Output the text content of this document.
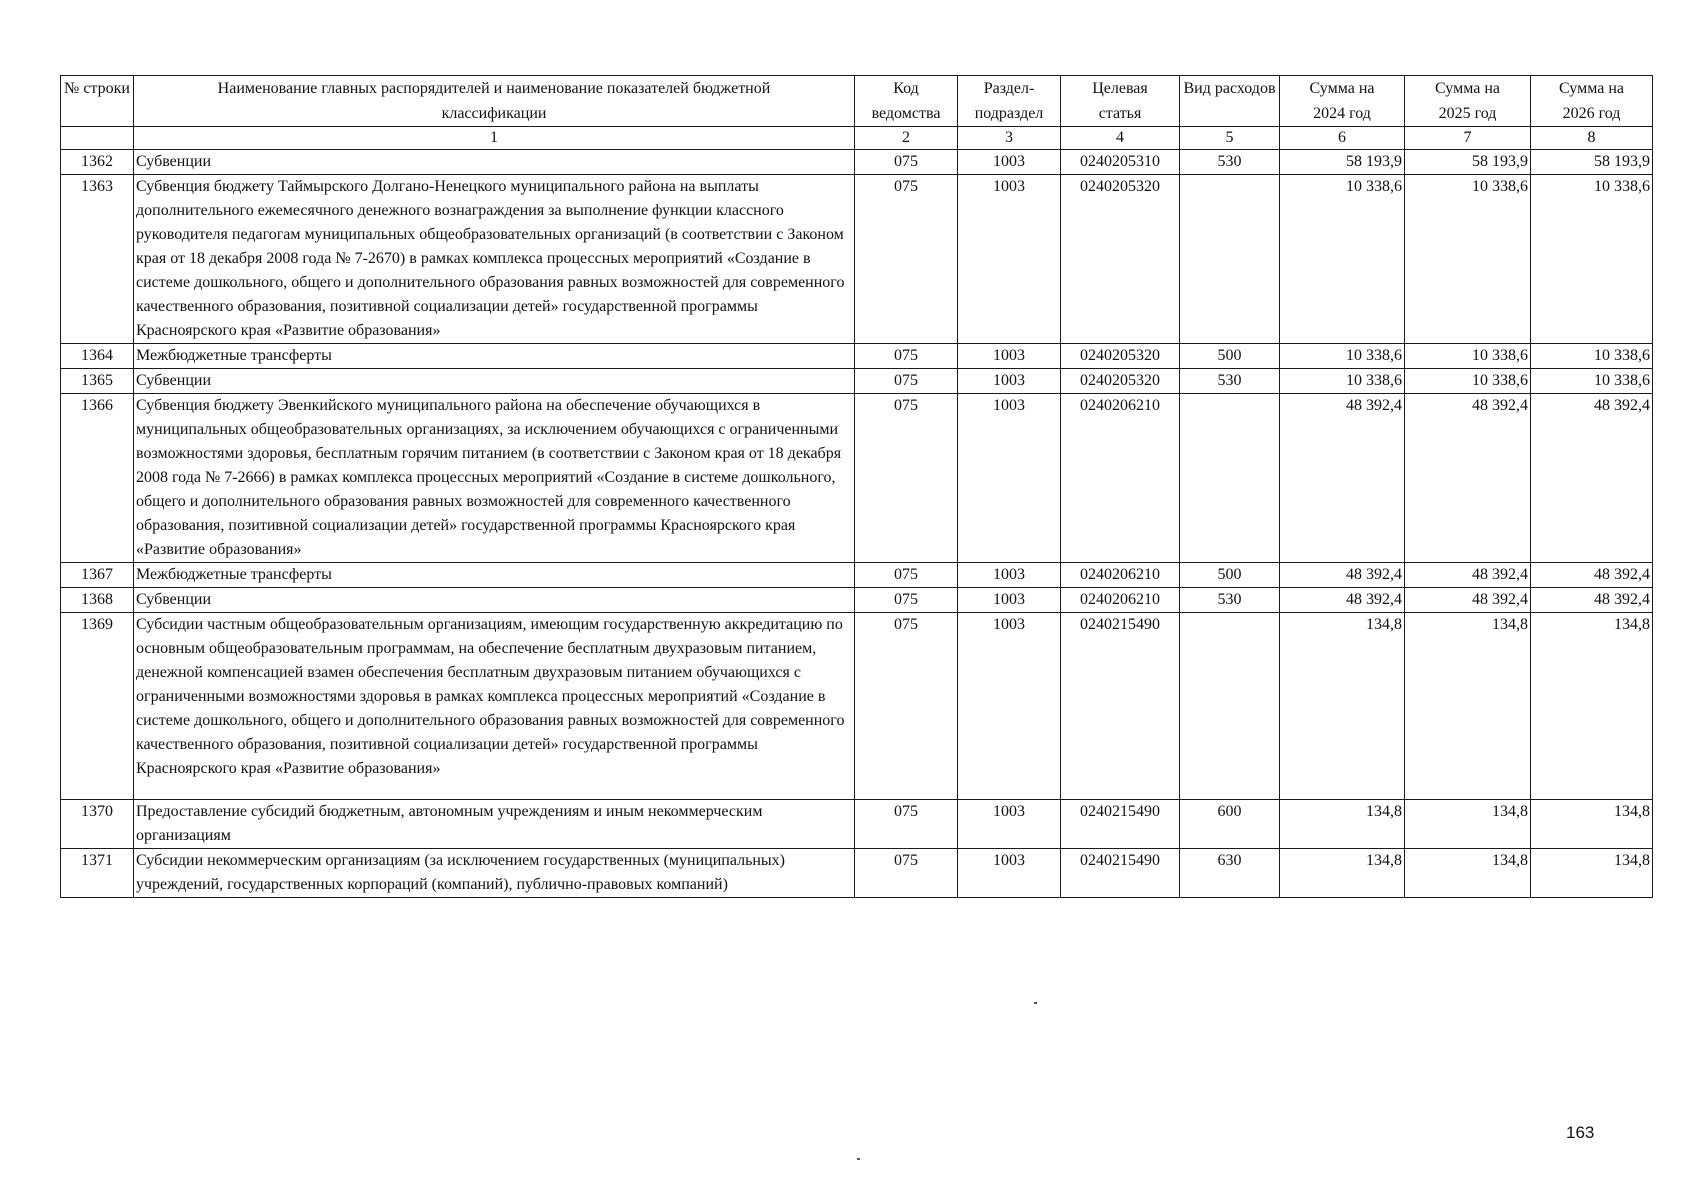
№ строки	Наименование главных распорядителей и наименование показателей бюджетной классификации	Код ведомства	Раздел-подраздел	Целевая статья	Вид расходов	Сумма на 2024 год	Сумма на 2025 год	Сумма на 2026 год
	1	2	3	4	5	6	7	8
1362	Субвенции	075	1003	0240205310	530	58 193,9	58 193,9	58 193,9
1363	Субвенция бюджету Таймырского Долгано-Ненецкого муниципального района на выплаты дополнительного ежемесячного денежного вознаграждения за выполнение функции классного руководителя педагогам муниципальных общеобразовательных организаций (в соответствии с Законом края от 18 декабря 2008 года № 7-2670) в рамках комплекса процессных мероприятий «Создание в системе дошкольного, общего и дополнительного образования равных возможностей для современного качественного образования, позитивной социализации детей» государственной программы Красноярского края «Развитие образования»	075	1003	0240205320		10 338,6	10 338,6	10 338,6
1364	Межбюджетные трансферты	075	1003	0240205320	500	10 338,6	10 338,6	10 338,6
1365	Субвенции	075	1003	0240205320	530	10 338,6	10 338,6	10 338,6
1366	Субвенция бюджету Эвенкийского муниципального района на обеспечение обучающихся в муниципальных общеобразовательных организациях, за исключением обучающихся с ограниченными возможностями здоровья, бесплатным горячим питанием (в соответствии с Законом края от 18 декабря 2008 года № 7-2666) в рамках комплекса процессных мероприятий «Создание в системе дошкольного, общего и дополнительного образования равных возможностей для современного качественного образования, позитивной социализации детей» государственной программы Красноярского края «Развитие образования»	075	1003	0240206210		48 392,4	48 392,4	48 392,4
1367	Межбюджетные трансферты	075	1003	0240206210	500	48 392,4	48 392,4	48 392,4
1368	Субвенции	075	1003	0240206210	530	48 392,4	48 392,4	48 392,4
1369	Субсидии частным общеобразовательным организациям, имеющим государственную аккредитацию по основным общеобразовательным программам, на обеспечение бесплатным двухразовым питанием, денежной компенсацией взамен обеспечения бесплатным двухразовым питанием обучающихся с ограниченными возможностями здоровья в рамках комплекса процессных мероприятий «Создание в системе дошкольного, общего и дополнительного образования равных возможностей для современного качественного образования, позитивной социализации детей» государственной программы Красноярского края «Развитие образования»	075	1003	0240215490		134,8	134,8	134,8
1370	Предоставление субсидий бюджетным, автономным учреждениям и иным некоммерческим организациям	075	1003	0240215490	600	134,8	134,8	134,8
1371	Субсидии некоммерческим организациям (за исключением государственных (муниципальных) учреждений, государственных корпораций (компаний), публично-правовых компаний)	075	1003	0240215490	630	134,8	134,8	134,8
163
